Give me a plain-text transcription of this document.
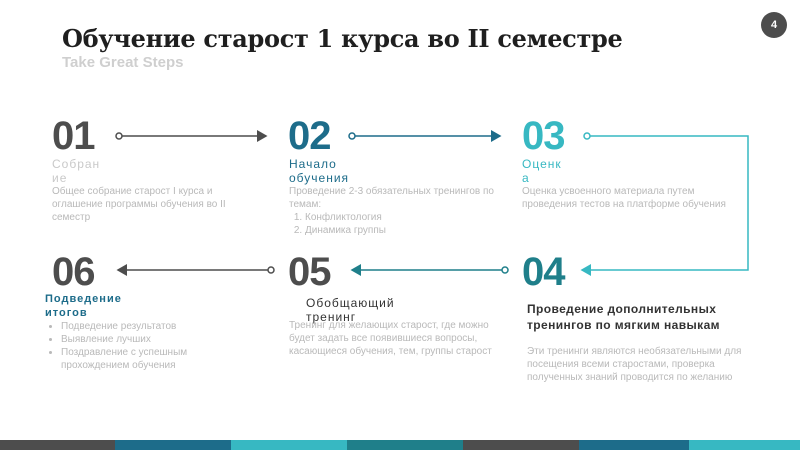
Обучение старост 1 курса во II семестре
Take Great Steps
4
01
Собран ие
Общее собрание старост I курса и оглашение программы обучения во II семестр
02
Начало обучения
Проведение 2-3 обязательных тренингов по темам:
1. Конфликтология
2. Динамика группы
03
Оценк а
Оценка усвоенного материала путем проведения тестов на платформе обучения
04
Проведение дополнительных тренингов по мягким навыкам
Эти тренинги являются необязательными для посещения всеми старостами, проверка полученных знаний проводится по желанию
05
Тренинг для желающих старост, где можно будет задать все появившиеся вопросы, касающиеся обучения, тем, группы старост
Обобщающий тренинг
06
Подведение итогов
• Подведение результатов
• Выявление лучших
• Поздравление с успешным прохождением обучения
